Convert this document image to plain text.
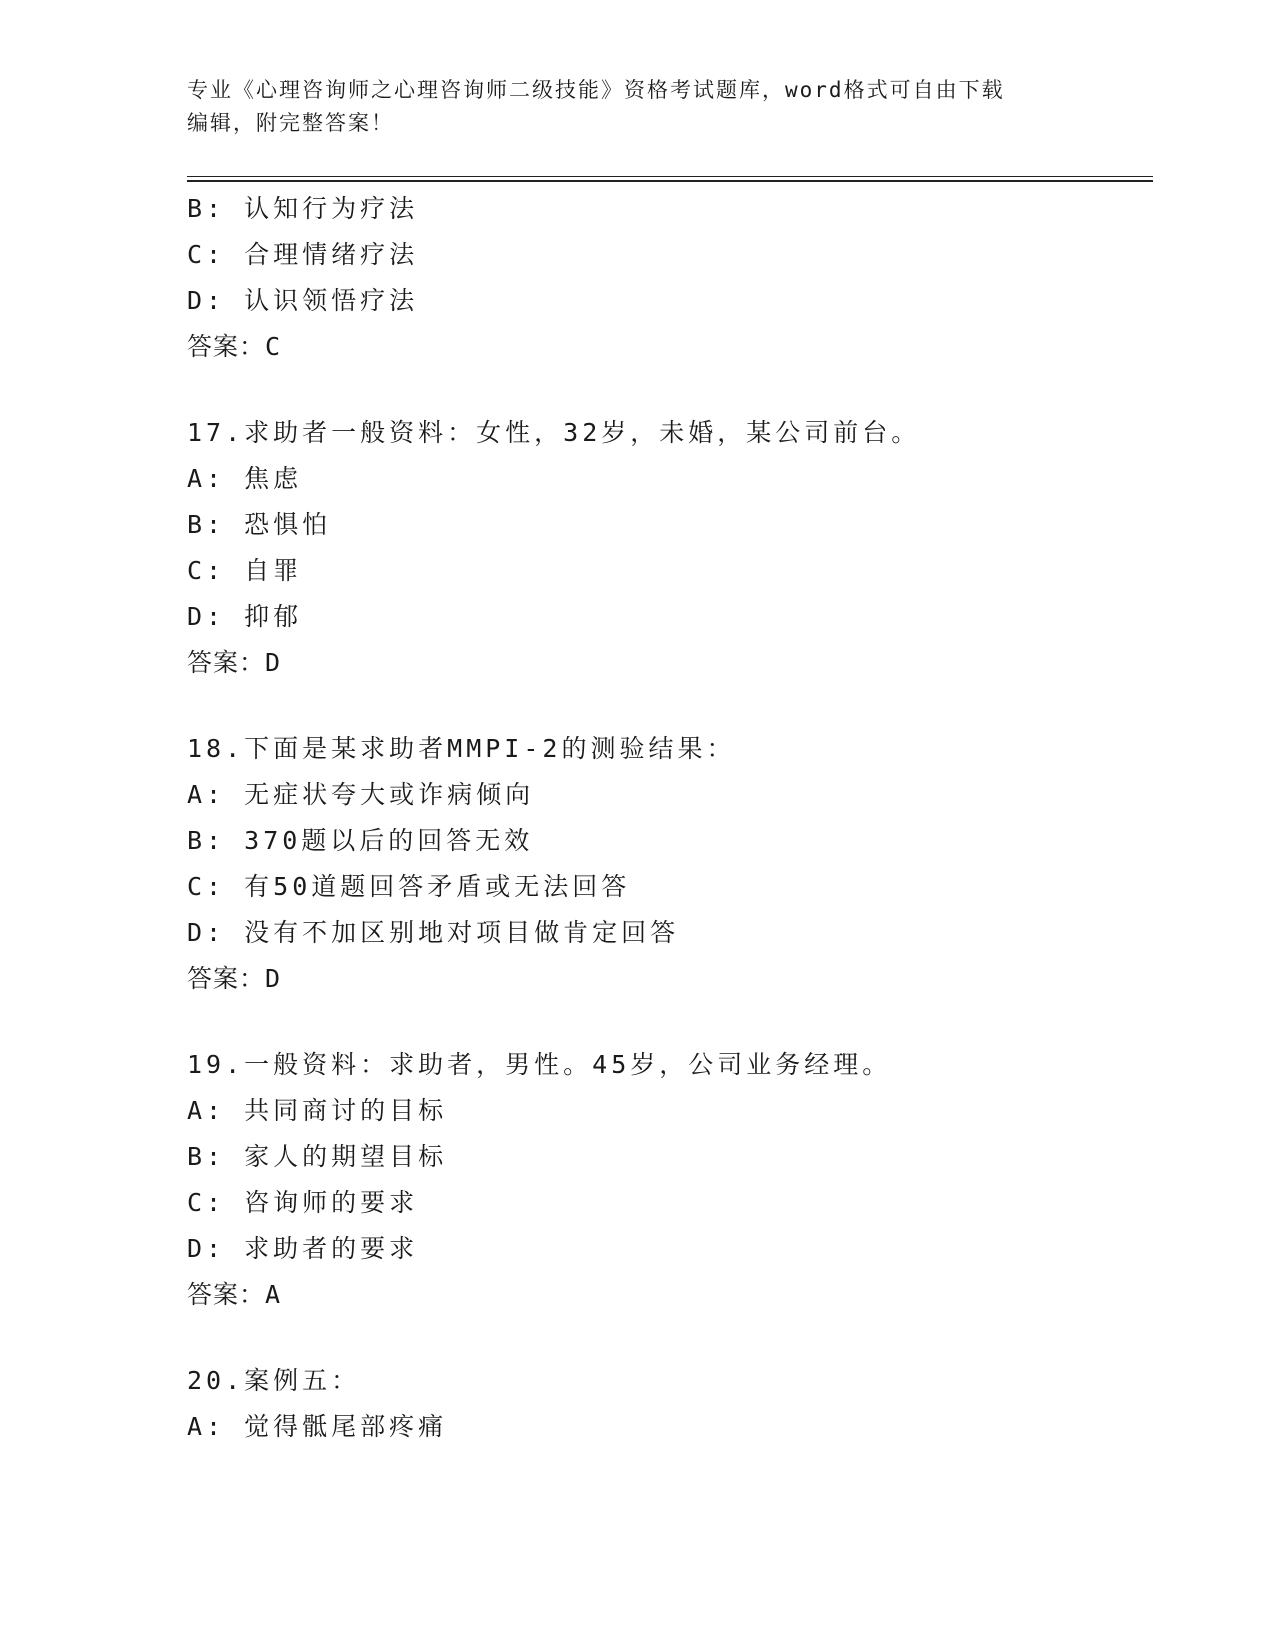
专业《心理咨询师之心理咨询师二级技能》资格考试题库，word格式可自由下载
编辑，附完整答案！
B: 认知行为疗法
C: 合理情绪疗法
D: 认识领悟疗法
答案：C
17.求助者一般资料：女性，32岁，未婚，某公司前台。
A: 焦虑
B: 恐惧怕
C: 自罪
D: 抑郁
答案：D
18.下面是某求助者MMPI-2的测验结果：
A: 无症状夸大或诈病倾向
B: 370题以后的回答无效
C: 有50道题回答矛盾或无法回答
D: 没有不加区别地对项目做肯定回答
答案：D
19.一般资料：求助者，男性。45岁，公司业务经理。
A: 共同商讨的目标
B: 家人的期望目标
C: 咨询师的要求
D: 求助者的要求
答案：A
20.案例五：
A: 觉得骶尾部疼痛
